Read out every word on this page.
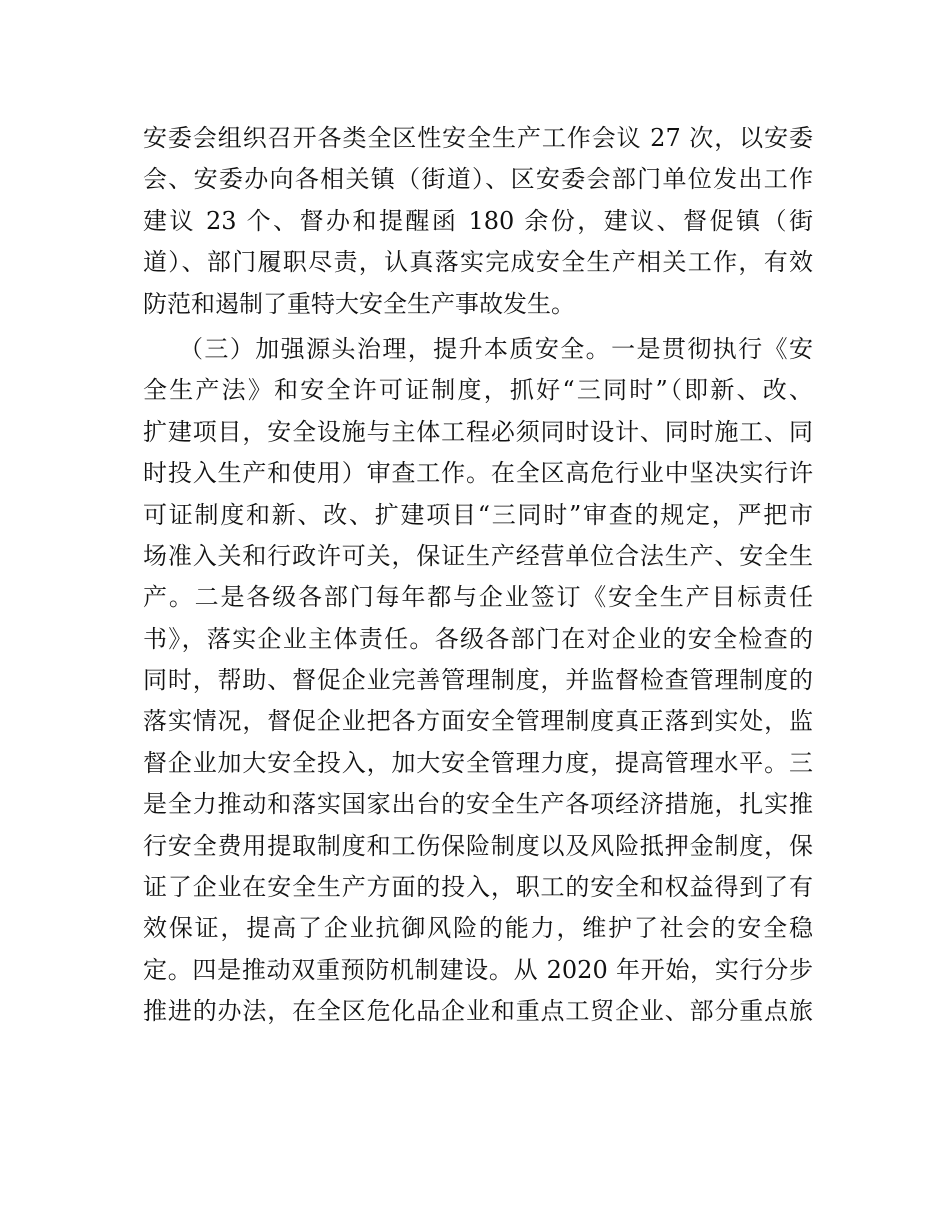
安委会组织召开各类全区性安全生产工作会议 27 次，以安委
会、安委办向各相关镇（街道）、区安委会部门单位发出工作
建议 23 个、督办和提醒函 180 余份，建议、督促镇（街
道）、部门履职尽责，认真落实完成安全生产相关工作，有效
防范和遏制了重特大安全生产事故发生。
（三）加强源头治理，提升本质安全。一是贯彻执行《安
全生产法》和安全许可证制度，抓好“三同时”（即新、改、
扩建项目，安全设施与主体工程必须同时设计、同时施工、同
时投入生产和使用）审查工作。在全区高危行业中坚决实行许
可证制度和新、改、扩建项目“三同时”审查的规定，严把市
场准入关和行政许可关，保证生产经营单位合法生产、安全生
产。二是各级各部门每年都与企业签订《安全生产目标责任
书》，落实企业主体责任。各级各部门在对企业的安全检查的
同时，帮助、督促企业完善管理制度，并监督检查管理制度的
落实情况，督促企业把各方面安全管理制度真正落到实处，监
督企业加大安全投入，加大安全管理力度，提高管理水平。三
是全力推动和落实国家出台的安全生产各项经济措施，扎实推
行安全费用提取制度和工伤保险制度以及风险抵押金制度，保
证了企业在安全生产方面的投入，职工的安全和权益得到了有
效保证，提高了企业抗御风险的能力，维护了社会的安全稳
定。四是推动双重预防机制建设。从 2020 年开始，实行分步
推进的办法，在全区危化品企业和重点工贸企业、部分重点旅
